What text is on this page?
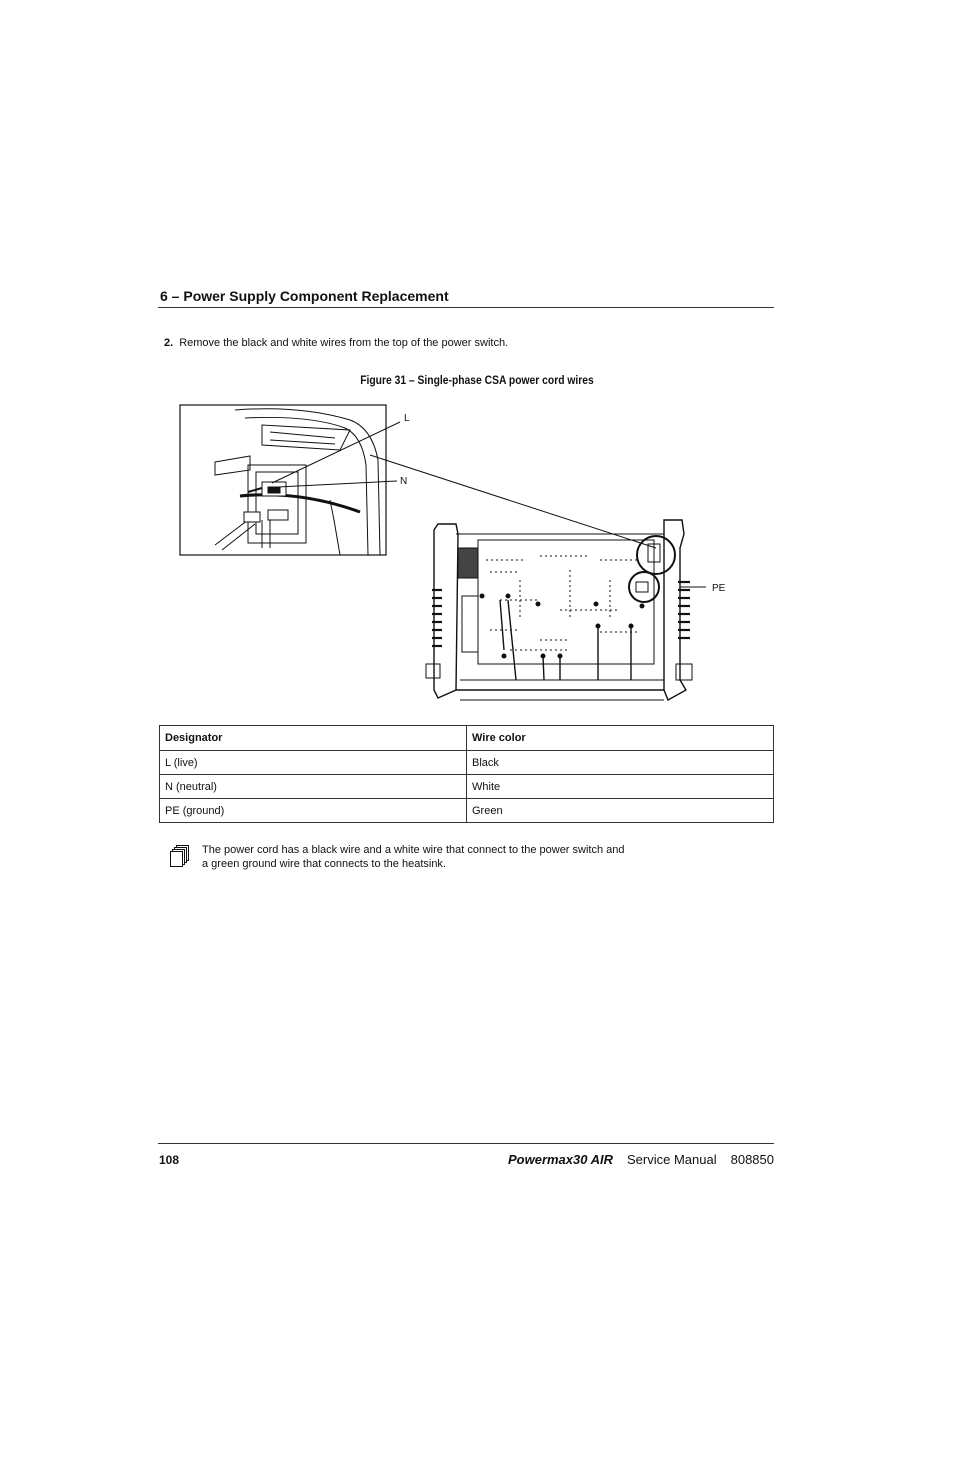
6 – Power Supply Component Replacement
2. Remove the black and white wires from the top of the power switch.
Figure 31 – Single-phase CSA power cord wires
L
N
PE
Designator	Wire color
L (live)	Black
N (neutral)	White
PE (ground)	Green
The power cord has a black wire and a white wire that connect to the power switch and
a green ground wire that connects to the heatsink.
108	Powermax30 AIR Service Manual 808850
